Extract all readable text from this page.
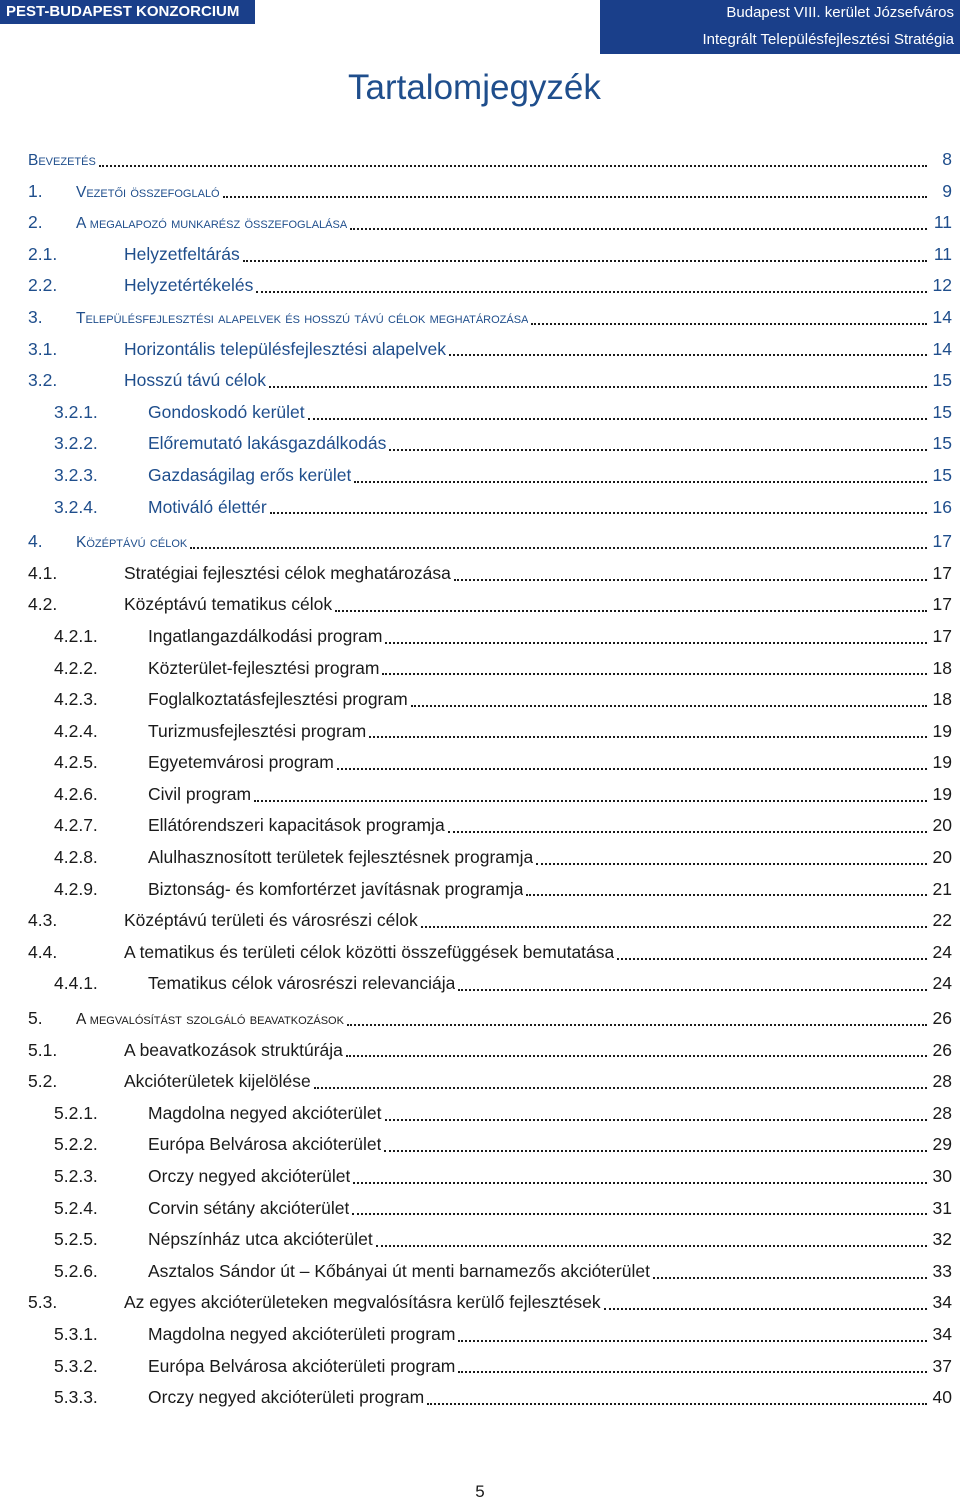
PEST-BUDAPEST KONZORCIUM	Budapest VIII. kerület Józsefváros
Integrált Településfejlesztési Stratégia
Tartalomjegyzék
Bevezetés	8
1.	Vezetői összefoglaló	9
2.	A megalapozó munkarész összefoglalása	11
2.1.	Helyzetfeltárás	11
2.2.	Helyzetértékelés	12
3.	Településfejlesztési alapelvek és hosszú távú célok meghatározása	14
3.1.	Horizontális településfejlesztési alapelvek	14
3.2.	Hosszú távú célok	15
3.2.1.	Gondoskodó kerület	15
3.2.2.	Előremutató lakásgazdálkodás	15
3.2.3.	Gazdaságilag erős kerület	15
3.2.4.	Motiváló élettér	16
4.	Középtávú célok	17
4.1.	Stratégiai fejlesztési célok meghatározása	17
4.2.	Középtávú tematikus célok	17
4.2.1.	Ingatlangazdálkodási program	17
4.2.2.	Közterület-fejlesztési program	18
4.2.3.	Foglalkoztatásfejlesztési program	18
4.2.4.	Turizmusfejlesztési program	19
4.2.5.	Egyetemvárosi program	19
4.2.6.	Civil program	19
4.2.7.	Ellátórendszeri kapacitások programja	20
4.2.8.	Alulhasznosított területek fejlesztésnek programja	20
4.2.9.	Biztonság- és komfortérzet javításnak programja	21
4.3.	Középtávú területi és városrészi célok	22
4.4.	A tematikus és területi célok közötti összefüggések bemutatása	24
4.4.1.	Tematikus célok városrészi relevanciája	24
5.	A megvalósítást szolgáló beavatkozások	26
5.1.	A beavatkozások struktúrája	26
5.2.	Akcióterületek kijelölése	28
5.2.1.	Magdolna negyed akcióterület	28
5.2.2.	Európa Belvárosa akcióterület	29
5.2.3.	Orczy negyed akcióterület	30
5.2.4.	Corvin sétány akcióterület	31
5.2.5.	Népszínház utca akcióterület	32
5.2.6.	Asztalos Sándor út – Kőbányai út menti barnamezős akcióterület	33
5.3.	Az egyes akcióterületeken megvalósításra kerülő fejlesztések	34
5.3.1.	Magdolna negyed akcióterületi program	34
5.3.2.	Európa Belvárosa akcióterületi program	37
5.3.3.	Orczy negyed akcióterületi program	40
5
